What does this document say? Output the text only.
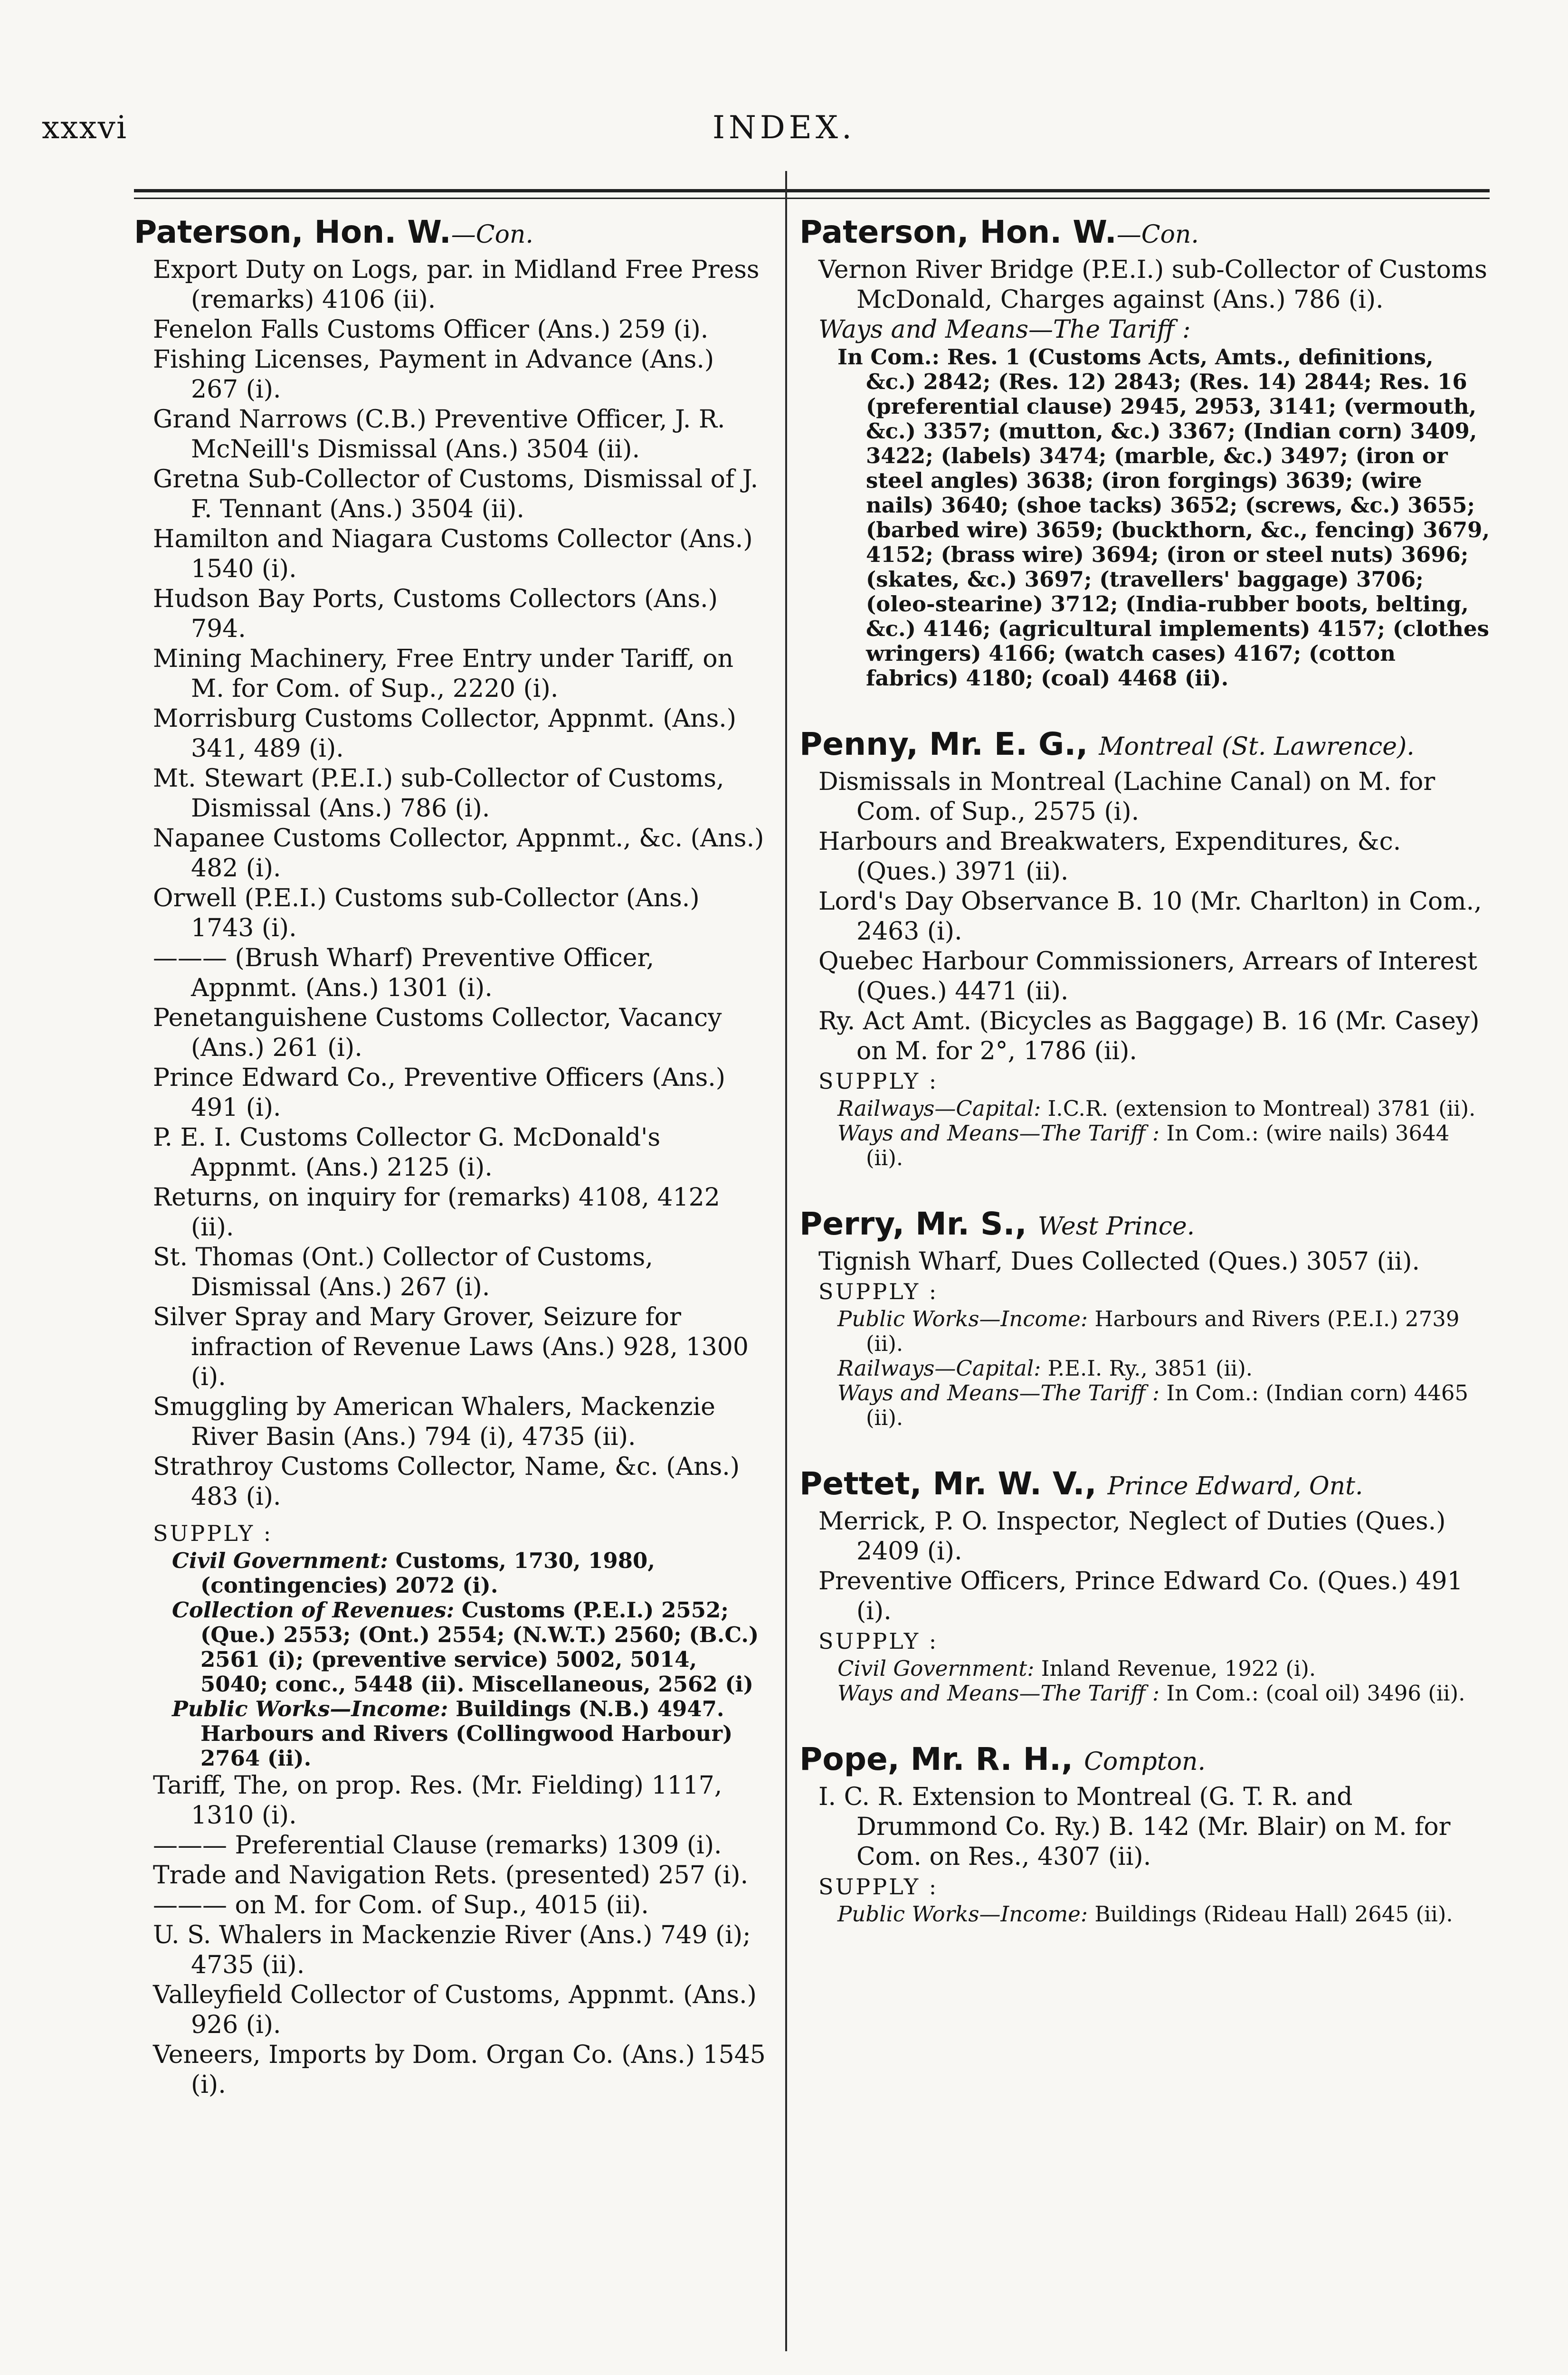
xxxvi	INDEX.
Paterson, Hon. W.—Con.

Export Duty on Logs, par. in Midland Free Press (remarks) 4106 (ii).

Fenelon Falls Customs Officer (Ans.) 259 (i).

Fishing Licenses, Payment in Advance (Ans.) 267 (i).

Grand Narrows (C.B.) Preventive Officer, J. R. McNeill's Dismissal (Ans.) 3504 (ii).

Gretna Sub-Collector of Customs, Dismissal of J. F. Tennant (Ans.) 3504 (ii).

Hamilton and Niagara Customs Collector (Ans.) 1540 (i).

Hudson Bay Ports, Customs Collectors (Ans.) 794.

Mining Machinery, Free Entry under Tariff, on M. for Com. of Sup., 2220 (i).

Morrisburg Customs Collector, Appnmt. (Ans.) 341, 489 (i).

Mt. Stewart (P.E.I.) sub-Collector of Customs, Dismissal (Ans.) 786 (i).

Napanee Customs Collector, Appnmt., &c. (Ans.) 482 (i).

Orwell (P.E.I.) Customs sub-Collector (Ans.) 1743 (i).

——— (Brush Wharf) Preventive Officer, Appnmt. (Ans.) 1301 (i).

Penetanguishene Customs Collector, Vacancy (Ans.) 261 (i).

Prince Edward Co., Preventive Officers (Ans.) 491 (i).

P. E. I. Customs Collector G. McDonald's Appnmt. (Ans.) 2125 (i).

Returns, on inquiry for (remarks) 4108, 4122 (ii).

St. Thomas (Ont.) Collector of Customs, Dismissal (Ans.) 267 (i).

Silver Spray and Mary Grover, Seizure for infraction of Revenue Laws (Ans.) 928, 1300 (i).

Smuggling by American Whalers, Mackenzie River Basin (Ans.) 794 (i), 4735 (ii).

Strathroy Customs Collector, Name, &c. (Ans.) 483 (i).

SUPPLY :
Civil Government: Customs, 1730, 1980, (contingencies) 2072 (i).
Collection of Revenues: Customs (P.E.I.) 2552; (Que.) 2553; (Ont.) 2554; (N.W.T.) 2560; (B.C.) 2561 (i); (preventive service) 5002, 5014, 5040; conc., 5448 (ii). Miscellaneous, 2562 (i)
Public Works—Income: Buildings (N.B.) 4947. Harbours and Rivers (Collingwood Harbour) 2764 (ii).

Tariff, The, on prop. Res. (Mr. Fielding) 1117, 1310 (i).

——— Preferential Clause (remarks) 1309 (i).

Trade and Navigation Rets. (presented) 257 (i).

——— on M. for Com. of Sup., 4015 (ii).

U. S. Whalers in Mackenzie River (Ans.) 749 (i); 4735 (ii).

Valleyfield Collector of Customs, Appnmt. (Ans.) 926 (i).

Veneers, Imports by Dom. Organ Co. (Ans.) 1545 (i).

Paterson, Hon. W.—Con.

Vernon River Bridge (P.E.I.) sub-Collector of Customs McDonald, Charges against (Ans.) 786 (i).

Ways and Means—The Tariff :
In Com.: Res. 1 (Customs Acts, Amts., definitions, &c.) 2842; (Res. 12) 2843; (Res. 14) 2844; Res. 16 (preferential clause) 2945, 2953, 3141; (vermouth, &c.) 3357; (mutton, &c.) 3367; (Indian corn) 3409, 3422; (labels) 3474; (marble, &c.) 3497; (iron or steel angles) 3638; (iron forgings) 3639; (wire nails) 3640; (shoe tacks) 3652; (screws, &c.) 3655; (barbed wire) 3659; (buckthorn, &c., fencing) 3679, 4152; (brass wire) 3694; (iron or steel nuts) 3696; (skates, &c.) 3697; (travellers' baggage) 3706; (oleo-stearine) 3712; (India-rubber boots, belting, &c.) 4146; (agricultural implements) 4157; (clothes wringers) 4166; (watch cases) 4167; (cotton fabrics) 4180; (coal) 4468 (ii).
Penny, Mr. E. G., Montreal (St. Lawrence).

Dismissals in Montreal (Lachine Canal) on M. for Com. of Sup., 2575 (i).

Harbours and Breakwaters, Expenditures, &c. (Ques.) 3971 (ii).

Lord's Day Observance B. 10 (Mr. Charlton) in Com., 2463 (i).

Quebec Harbour Commissioners, Arrears of Interest (Ques.) 4471 (ii).

Ry. Act Amt. (Bicycles as Baggage) B. 16 (Mr. Casey) on M. for 2°, 1786 (ii).

SUPPLY :
Railways—Capital: I.C.R. (extension to Montreal) 3781 (ii).
Ways and Means—The Tariff : In Com.: (wire nails) 3644 (ii).
Perry, Mr. S., West Prince.

Tignish Wharf, Dues Collected (Ques.) 3057 (ii).

SUPPLY :
Public Works—Income: Harbours and Rivers (P.E.I.) 2739 (ii).
Railways—Capital: P.E.I. Ry., 3851 (ii).
Ways and Means—The Tariff : In Com.: (Indian corn) 4465 (ii).
Pettet, Mr. W. V., Prince Edward, Ont.

Merrick, P. O. Inspector, Neglect of Duties (Ques.) 2409 (i).

Preventive Officers, Prince Edward Co. (Ques.) 491 (i).

SUPPLY :
Civil Government: Inland Revenue, 1922 (i).
Ways and Means—The Tariff : In Com.: (coal oil) 3496 (ii).
Pope, Mr. R. H., Compton.

I. C. R. Extension to Montreal (G. T. R. and Drummond Co. Ry.) B. 142 (Mr. Blair) on M. for Com. on Res., 4307 (ii).

SUPPLY :
Public Works—Income: Buildings (Rideau Hall) 2645 (ii).
